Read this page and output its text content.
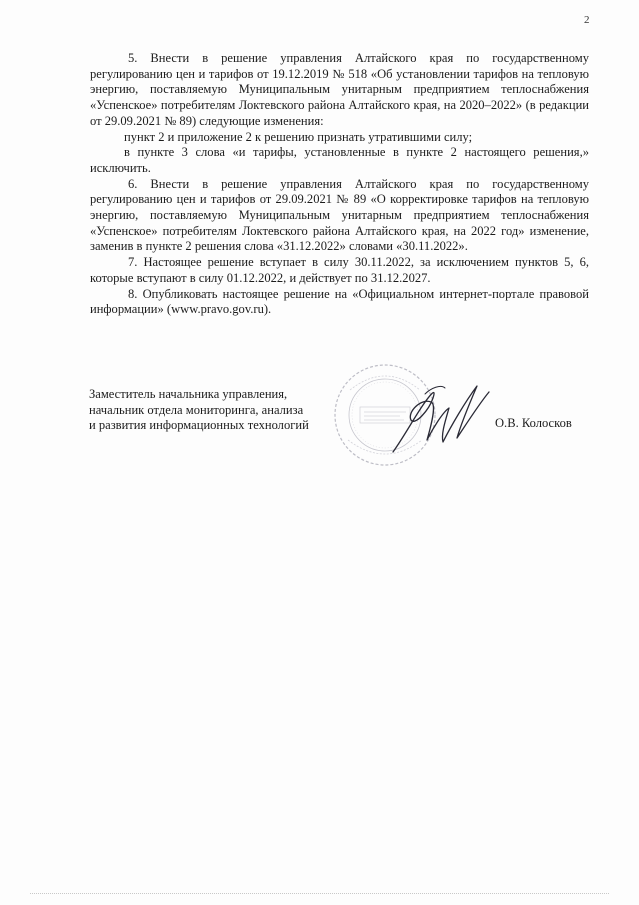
2

5. Внести в решение управления Алтайского края по государственному регулированию цен и тарифов от 19.12.2019 № 518 «Об установлении тарифов на тепловую энергию, поставляемую Муниципальным унитарным предприятием теплоснабжения «Успенское» потребителям Локтевского района Алтайского края, на 2020–2022» (в редакции от 29.09.2021 № 89) следующие изменения:

пункт 2 и приложение 2 к решению признать утратившими силу;

в пункте 3 слова «и тарифы, установленные в пункте 2 настоящего решения,» исключить.

6. Внести в решение управления Алтайского края по государственному регулированию цен и тарифов от 29.09.2021 № 89 «О корректировке тарифов на тепловую энергию, поставляемую Муниципальным унитарным предприятием теплоснабжения «Успенское» потребителям Локтевского района Алтайского края, на 2022 год» изменение, заменив в пункте 2 решения слова «31.12.2022» словами «30.11.2022».

7. Настоящее решение вступает в силу 30.11.2022, за исключением пунктов 5, 6, которые вступают в силу 01.12.2022, и действует по 31.12.2027.

8. Опубликовать настоящее решение на «Официальном интернет-портале правовой информации» (www.pravo.gov.ru).

Заместитель начальника управления,
начальник отдела мониторинга, анализа
и развития информационных технологий	О.В. Колосков
